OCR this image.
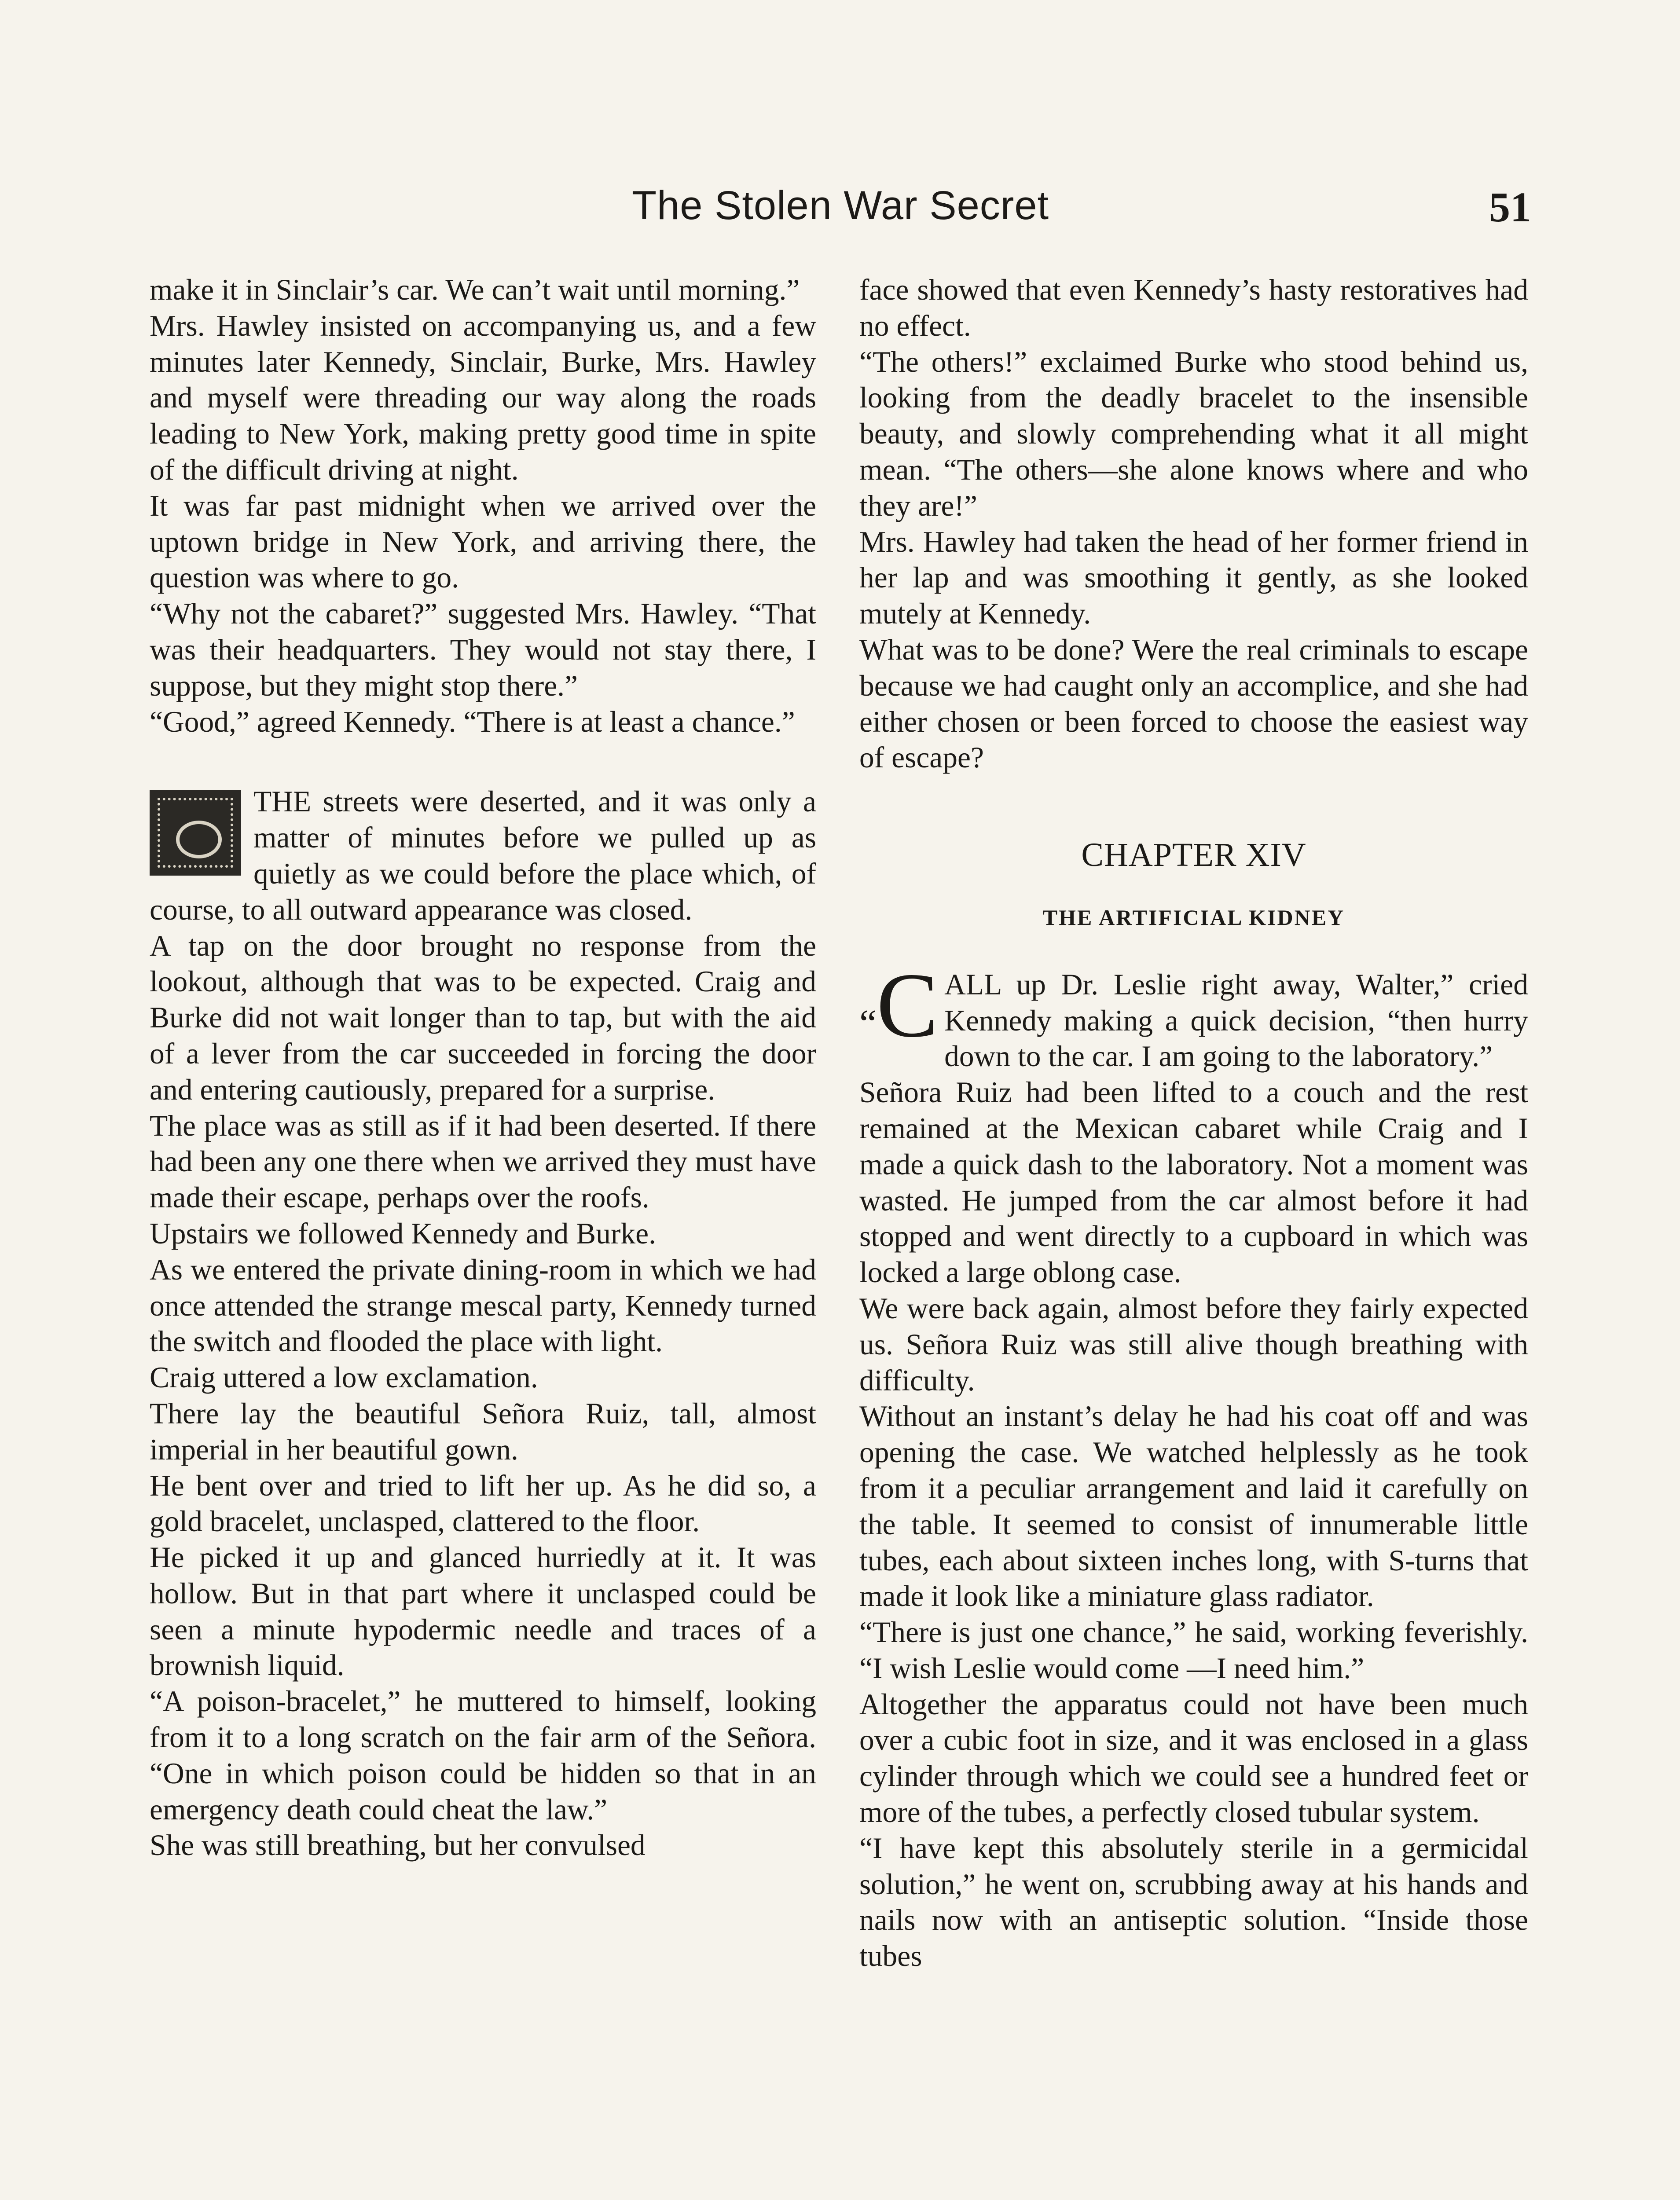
The Stolen War Secret	51

make it in Sinclair’s car. We can’t wait until morning.”

Mrs. Hawley insisted on accompanying us, and a few minutes later Kennedy, Sinclair, Burke, Mrs. Hawley and myself were threading our way along the roads leading to New York, making pretty good time in spite of the difficult driving at night.

It was far past midnight when we arrived over the uptown bridge in New York, and arriving there, the question was where to go.

“Why not the cabaret?” suggested Mrs. Hawley. “That was their headquarters. They would not stay there, I suppose, but they might stop there.”

“Good,” agreed Kennedy. “There is at least a chance.”

THE streets were deserted, and it was only a matter of minutes before we pulled up as quietly as we could before the place which, of course, to all outward appearance was closed.

A tap on the door brought no response from the lookout, although that was to be expected. Craig and Burke did not wait longer than to tap, but with the aid of a lever from the car succeeded in forcing the door and entering cautiously, prepared for a surprise.

The place was as still as if it had been deserted. If there had been any one there when we arrived they must have made their escape, perhaps over the roofs.

Upstairs we followed Kennedy and Burke.

As we entered the private dining-room in which we had once attended the strange mescal party, Kennedy turned the switch and flooded the place with light.

Craig uttered a low exclamation.

There lay the beautiful Señora Ruiz, tall, almost imperial in her beautiful gown.

He bent over and tried to lift her up. As he did so, a gold bracelet, unclasped, clattered to the floor.

He picked it up and glanced hurriedly at it. It was hollow. But in that part where it unclasped could be seen a minute hypodermic needle and traces of a brownish liquid.

“A poison-bracelet,” he muttered to himself, looking from it to a long scratch on the fair arm of the Señora. “One in which poison could be hidden so that in an emergency death could cheat the law.”

She was still breathing, but her convulsed

face showed that even Kennedy’s hasty restoratives had no effect.

“The others!” exclaimed Burke who stood behind us, looking from the deadly bracelet to the insensible beauty, and slowly comprehending what it all might mean. “The others—she alone knows where and who they are!”

Mrs. Hawley had taken the head of her former friend in her lap and was smoothing it gently, as she looked mutely at Kennedy.

What was to be done? Were the real criminals to escape because we had caught only an accomplice, and she had either chosen or been forced to choose the easiest way of escape?

CHAPTER XIV
THE ARTIFICIAL KIDNEY

“C ALL up Dr. Leslie right away, Walter,” cried Kennedy making a quick decision, “then hurry down to the car. I am going to the laboratory.”

Señora Ruiz had been lifted to a couch and the rest remained at the Mexican cabaret while Craig and I made a quick dash to the laboratory. Not a moment was wasted. He jumped from the car almost before it had stopped and went directly to a cupboard in which was locked a large oblong case.

We were back again, almost before they fairly expected us. Señora Ruiz was still alive though breathing with difficulty.

Without an instant’s delay he had his coat off and was opening the case. We watched helplessly as he took from it a peculiar arrangement and laid it carefully on the table. It seemed to consist of innumerable little tubes, each about sixteen inches long, with S-turns that made it look like a miniature glass radiator.

“There is just one chance,” he said, working feverishly. “I wish Leslie would come —I need him.”

Altogether the apparatus could not have been much over a cubic foot in size, and it was enclosed in a glass cylinder through which we could see a hundred feet or more of the tubes, a perfectly closed tubular system.

“I have kept this absolutely sterile in a germicidal solution,” he went on, scrubbing away at his hands and nails now with an antiseptic solution. “Inside those tubes
